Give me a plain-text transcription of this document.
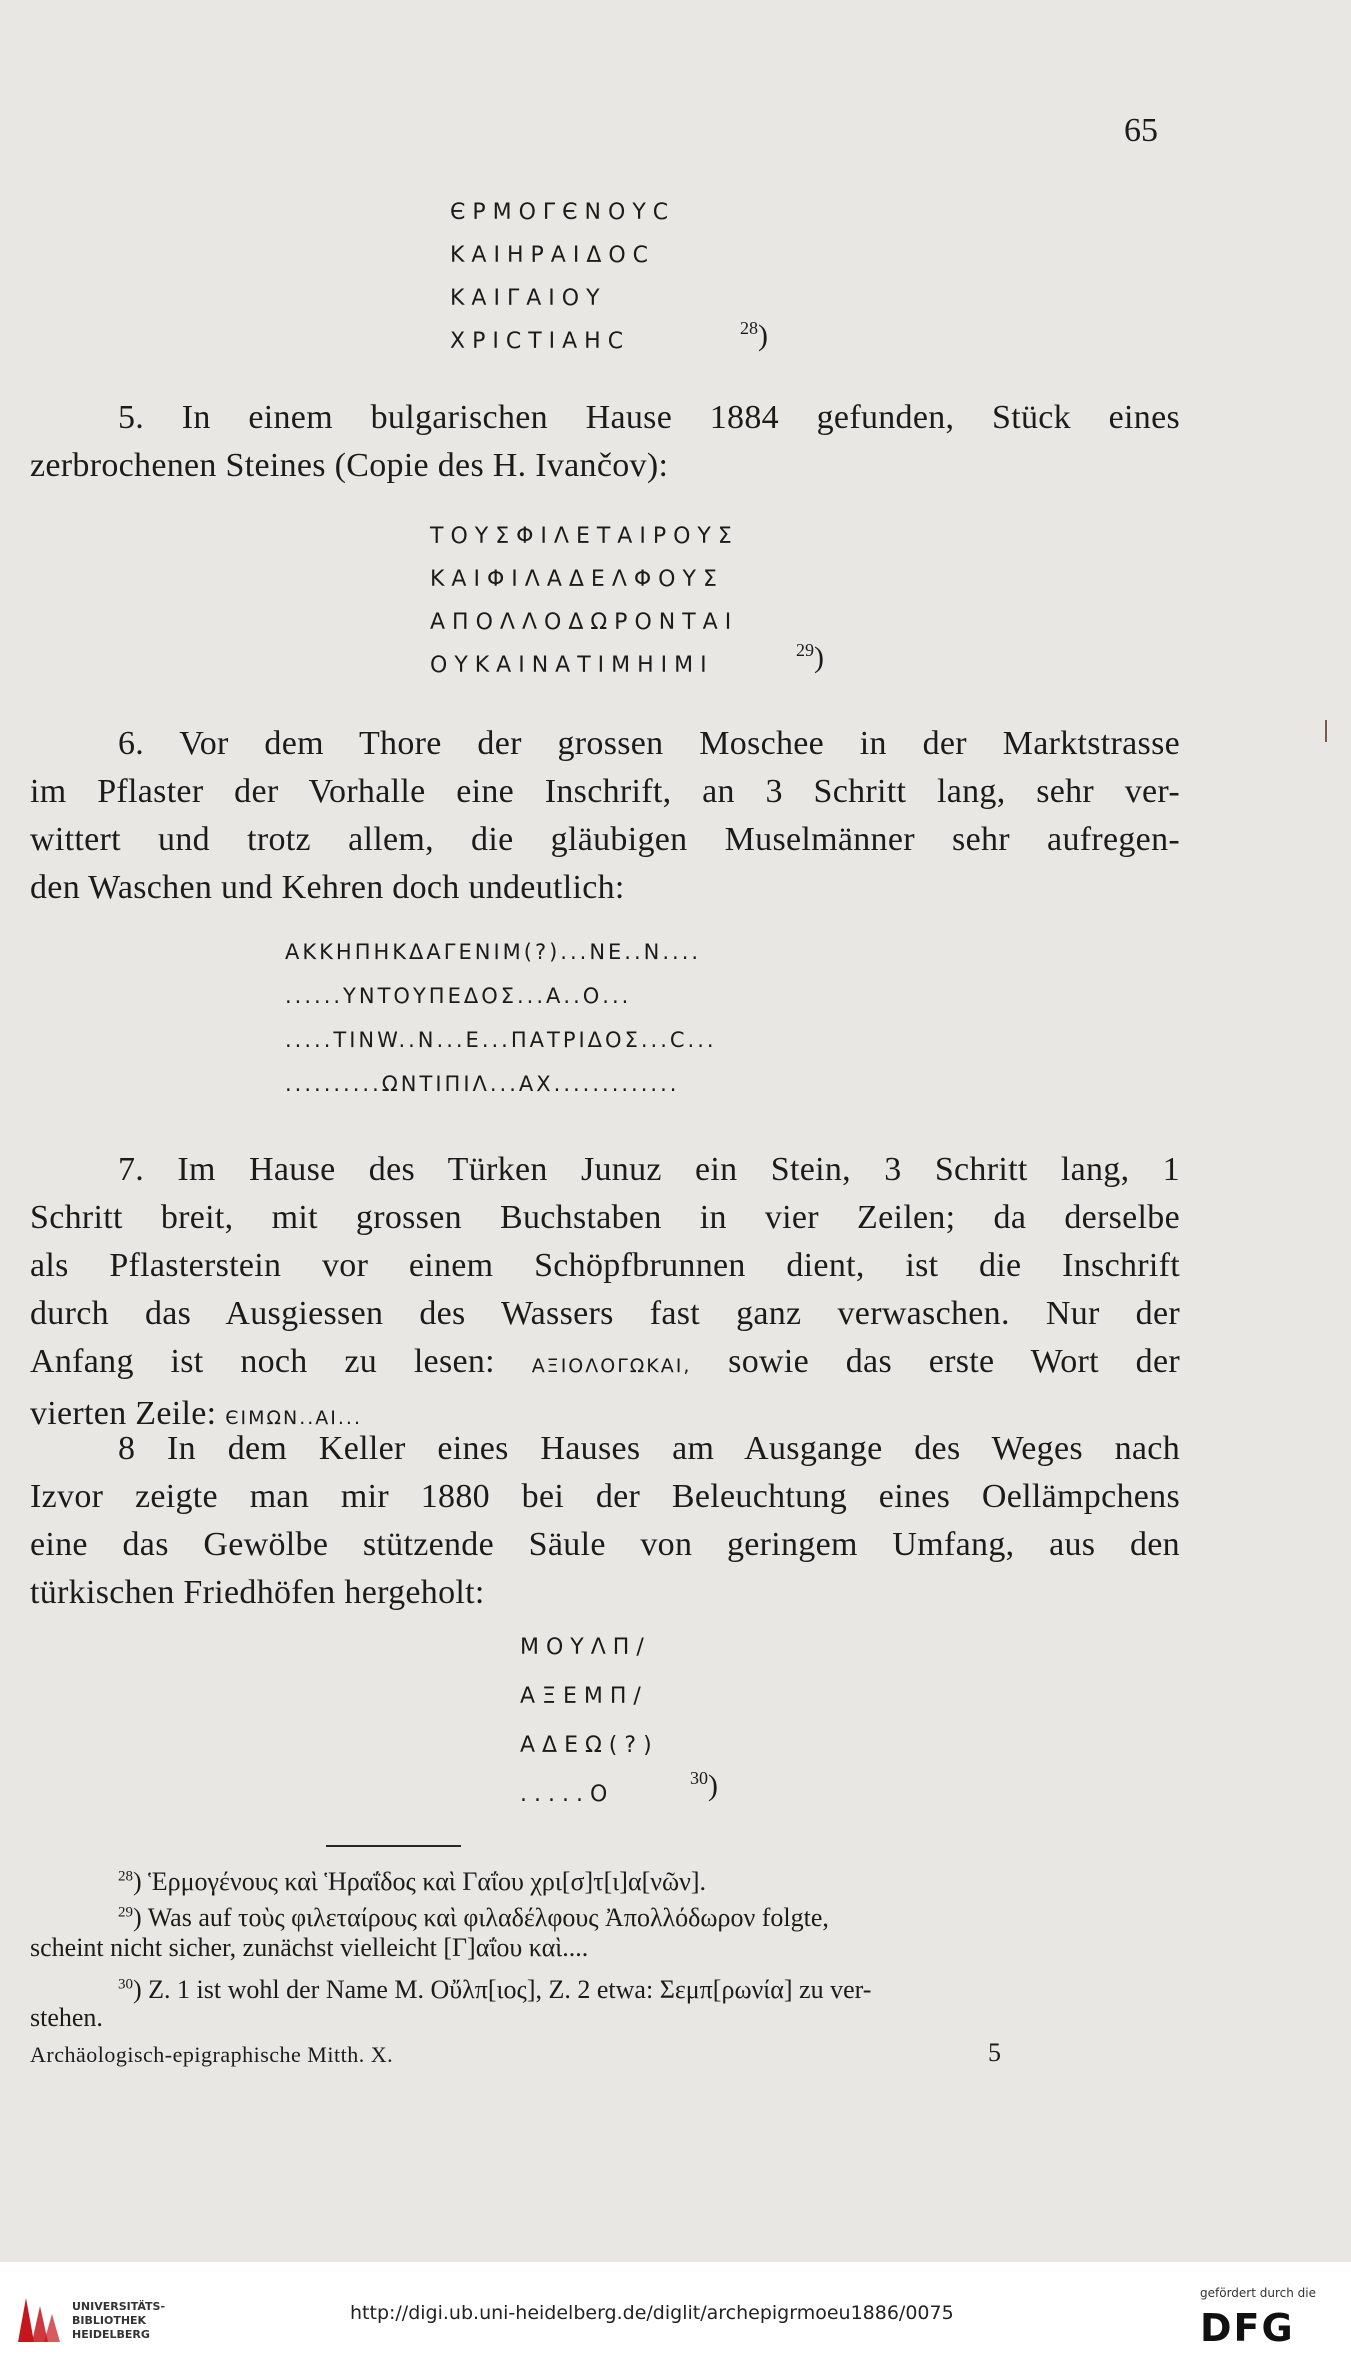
65
ЄΡΜΟΓЄΝΟΥϹ
ΚΑΙΗΡΑΙΔΟϹ
ΚΑΙΓΑΙΟΥ
ΧΡΙϹΤΙΑΗϹ
$^{28}$)
5. In einem bulgarischen Hause 1884 gefunden, Stück eines
zerbrochenen Steines (Copie des H. Ivančov):
ΤΟΥΣΦΙΛΕΤΑΙΡΟΥΣ
ΚΑΙΦΙΛΑΔΕΛΦΟΥΣ
ΑΠΟΛΛΟΔΩΡΟΝΤΑΙ
ΟΥΚΑΙΝΑΤΙΜΗΙΜΙ
$^{29}$)
6. Vor dem Thore der grossen Moschee in der Marktstrasse
im Pflaster der Vorhalle eine Inschrift, an 3 Schritt lang, sehr ver-
wittert und trotz allem, die gläubigen Muselmänner sehr aufregen-
den Waschen und Kehren doch undeutlich:
ΑΚΚΗΠΗΚΔΑΓΕΝΙΜ(?)...ΝΕ..Ν....
......ΥΝΤΟΥΠΕΔΟΣ...Α..Ο...
.....ΤΙΝW..Ν...Ε...ΠΑΤΡΙΔΟΣ...C...
..........ΩΝΤΙΠΙΛ...ΑΧ.............
7. Im Hause des Türken Junuz ein Stein, 3 Schritt lang, 1
Schritt breit, mit grossen Buchstaben in vier Zeilen; da derselbe
als Pflasterstein vor einem Schöpfbrunnen dient, ist die Inschrift
durch das Ausgiessen des Wassers fast ganz verwaschen. Nur der
Anfang ist noch zu lesen: ΑΞΙΟΛΟΓΩΚΑΙ, sowie das erste Wort der
vierten Zeile: ЄΙΜΩΝ..ΑΙ...
8 In dem Keller eines Hauses am Ausgange des Weges nach
Izvor zeigte man mir 1880 bei der Beleuchtung eines Oellämpchens
eine das Gewölbe stützende Säule von geringem Umfang, aus den
türkischen Friedhöfen hergeholt:
ΜΟΥΛΠ/
ΑΞΕΜΠ/
ΑΔΕΩ(?)
.....Ο
$^{30}$)
$^{28}$) Ἑρμογένους καὶ Ἡραΐδος καὶ Γαΐου χρι[σ]τ[ι]α[νῶν].
$^{29}$) Was auf τοὺς φιλεταίρους καὶ φιλαδέλφους Ἀπολλόδωρον folgte,
scheint nicht sicher, zunächst vielleicht [Γ]αΐου καὶ....
$^{30}$) Z. 1 ist wohl der Name M. Οὔλπ[ιος], Z. 2 etwa: Σεμπ[ρωνία] zu ver-
stehen.
Archäologisch-epigraphische Mitth. X.	5
UNIVERSITÄTS-
BIBLIOTHEK
HEIDELBERG
http://digi.ub.uni-heidelberg.de/diglit/archepigrmoeu1886/0075
gefördert durch die
DFG
